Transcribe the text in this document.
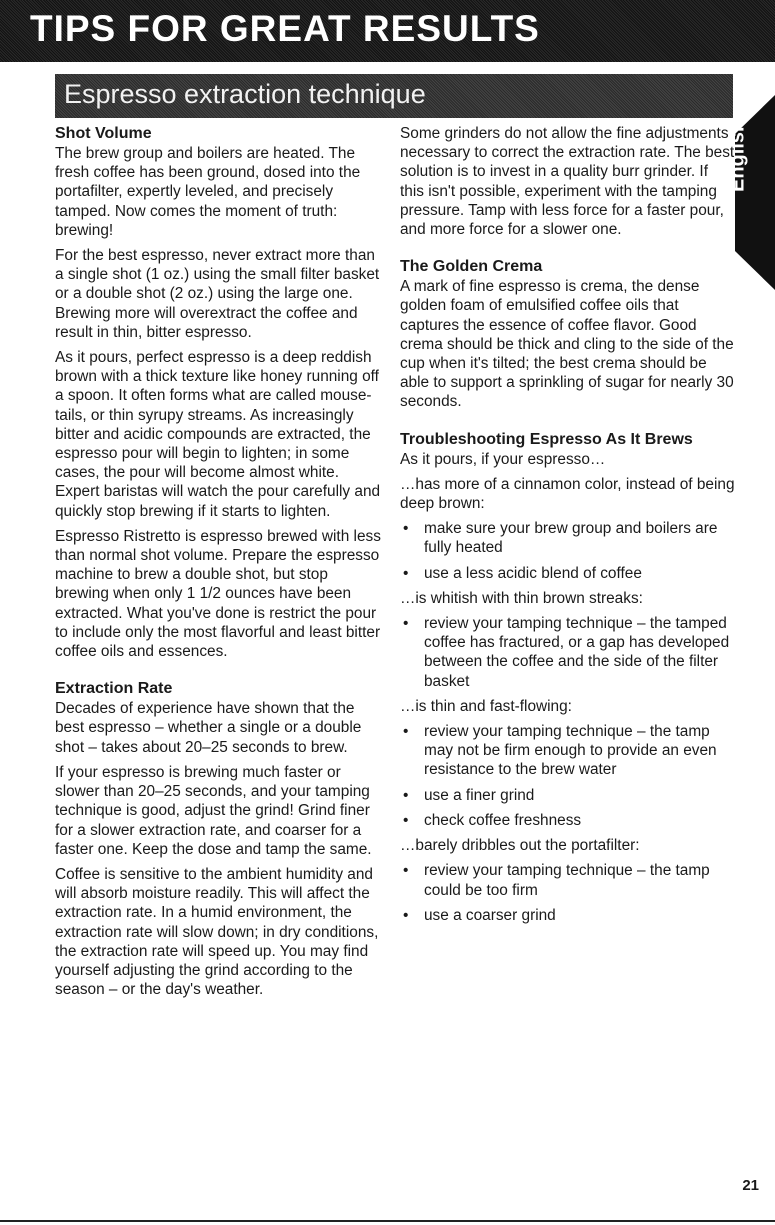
TIPS FOR GREAT RESULTS
Espresso extraction technique
English
Shot Volume

The brew group and boilers are heated. The fresh coffee has been ground, dosed into the portafilter, expertly leveled, and precisely tamped. Now comes the moment of truth: brewing!

For the best espresso, never extract more than a single shot (1 oz.) using the small filter basket or a double shot (2 oz.) using the large one. Brewing more will overextract the coffee and result in thin, bitter espresso.

As it pours, perfect espresso is a deep reddish brown with a thick texture like honey running off a spoon. It often forms what are called mouse-tails, or thin syrupy streams. As increasingly bitter and acidic compounds are extracted, the espresso pour will begin to lighten; in some cases, the pour will become almost white. Expert baristas will watch the pour carefully and quickly stop brewing if it starts to lighten.

Espresso Ristretto is espresso brewed with less than normal shot volume. Prepare the espresso machine to brew a double shot, but stop brewing when only 1 1/2 ounces have been extracted. What you've done is restrict the pour to include only the most flavorful and least bitter coffee oils and essences.

Extraction Rate

Decades of experience have shown that the best espresso – whether a single or a double shot – takes about 20–25 seconds to brew.

If your espresso is brewing much faster or slower than 20–25 seconds, and your tamping technique is good, adjust the grind! Grind finer for a slower extraction rate, and coarser for a faster one. Keep the dose and tamp the same.

Coffee is sensitive to the ambient humidity and will absorb moisture readily. This will affect the extraction rate. In a humid environment, the extraction rate will slow down; in dry conditions, the extraction rate will speed up. You may find yourself adjusting the grind according to the season – or the day's weather.

Some grinders do not allow the fine adjustments necessary to correct the extraction rate. The best solution is to invest in a quality burr grinder. If this isn't possible, experiment with the tamping pressure. Tamp with less force for a faster pour, and more force for a slower one.

The Golden Crema

A mark of fine espresso is crema, the dense golden foam of emulsified coffee oils that captures the essence of coffee flavor. Good crema should be thick and cling to the side of the cup when it's tilted; the best crema should be able to support a sprinkling of sugar for nearly 30 seconds.

Troubleshooting Espresso As It Brews

As it pours, if your espresso…

…has more of a cinnamon color, instead of being deep brown:

• make sure your brew group and boilers are fully heated
• use a less acidic blend of coffee

…is whitish with thin brown streaks:

• review your tamping technique – the tamped coffee has fractured, or a gap has developed between the coffee and the side of the filter basket

…is thin and fast-flowing:

• review your tamping technique – the tamp may not be firm enough to provide an even resistance to the brew water
• use a finer grind
• check coffee freshness

…barely dribbles out the portafilter:

• review your tamping technique – the tamp could be too firm
• use a coarser grind
21
